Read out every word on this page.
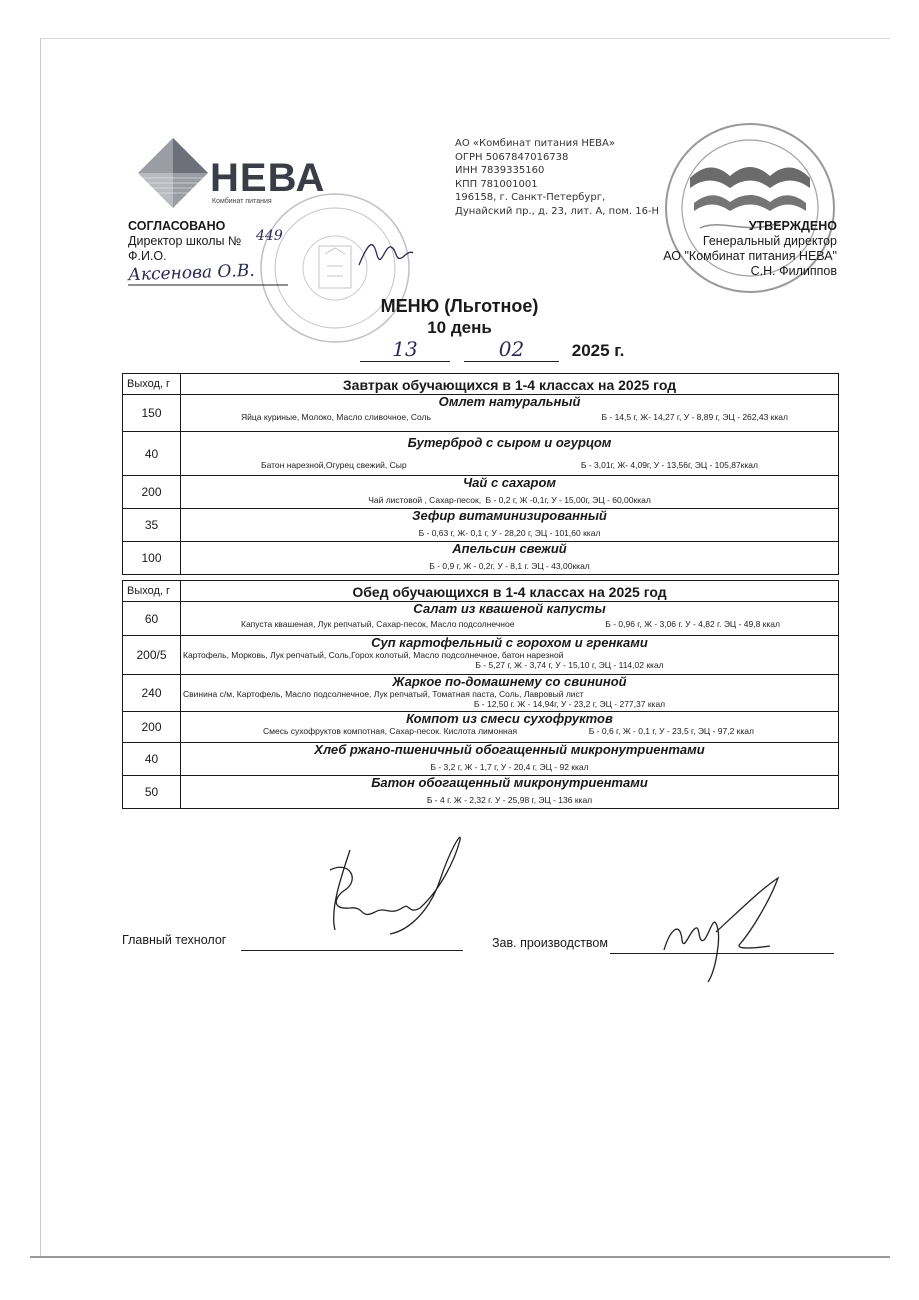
НЕВА
Комбинат питания
АО «Комбинат питания НЕВА»
ОГРН 5067847016738
ИНН 7839335160
КПП 781001001
196158, г. Санкт-Петербург,
Дунайский пр., д. 23, лит. А, пом. 16-Н
СОГЛАСОВАНО
Директор школы №
Ф.И.О.
449
Аксенова О.В.
УТВЕРЖДЕНО
Генеральный директор
АО "Комбинат питания НЕВА"
С.Н. Филиппов
МЕНЮ (Льготное)
10 день
13	02	2025 г.
Выход, г	Завтрак обучающихся в 1-4 классах на 2025 год

150	Омлет натуральный
Яйца куриные, Молоко, Масло сливочное, Соль Б - 14,5 г, Ж- 14,27 г, У - 8,89 г, ЭЦ - 262,43 ккал

40	Бутерброд с сыром и огурцом
Батон нарезной,Огурец свежий, Сыр Б - 3,01г, Ж- 4,09г, У - 13,56г, ЭЦ - 105,87ккал

200	Чай с сахаром
Чай листовой , Сахар-песок, Б - 0,2 г, Ж -0,1г, У - 15,00г, ЭЦ - 60,00ккал

35	Зефир витаминизированный
Б - 0,63 г, Ж- 0,1 г, У - 28,20 г, ЭЦ - 101,60 ккал

100	Апельсин свежий
Б - 0,9 г, Ж - 0,2г, У - 8,1 г. ЭЦ - 43,00ккал
Выход, г	Обед обучающихся в 1-4 классах на 2025 год

60	Салат из квашеной капусты
Капуста квашеная, Лук репчатый, Сахар-песок, Масло подсолнечное Б - 0,96 г, Ж - 3,06 г. У - 4,82 г. ЭЦ - 49,8 ккал

200/5	Суп картофельный с горохом и гренками
Картофель, Морковь, Лук репчатый, Соль,Горох колотый, Масло подсолнечное, батон нарезной
Б - 5,27 г, Ж - 3,74 г, У - 15,10 г, ЭЦ - 114,02 ккал

240	Жаркое по-домашнему со свининой
Свинина с/м, Картофель, Масло подсолнечное, Лук репчатый, Томатная паста, Соль, Лавровый лист
Б - 12,50 г. Ж - 14,94г, У - 23,2 г, ЭЦ - 277,37 ккал

200	Компот из смеси сухофруктов
Смесь сухофруктов компотная, Сахар-песок. Кислота лимонная Б - 0,6 г, Ж - 0,1 г, У - 23,5 г, ЭЦ - 97,2 ккал

40	Хлеб ржано-пшеничный обогащенный микронутриентами
Б - 3,2 г, Ж - 1,7 г, У - 20,4 г, ЭЦ - 92 ккал

50	Батон обогащенный микронутриентами
Б - 4 г. Ж - 2,32 г. У - 25,98 г, ЭЦ - 136 ккал
Главный технолог	Зав. производством
